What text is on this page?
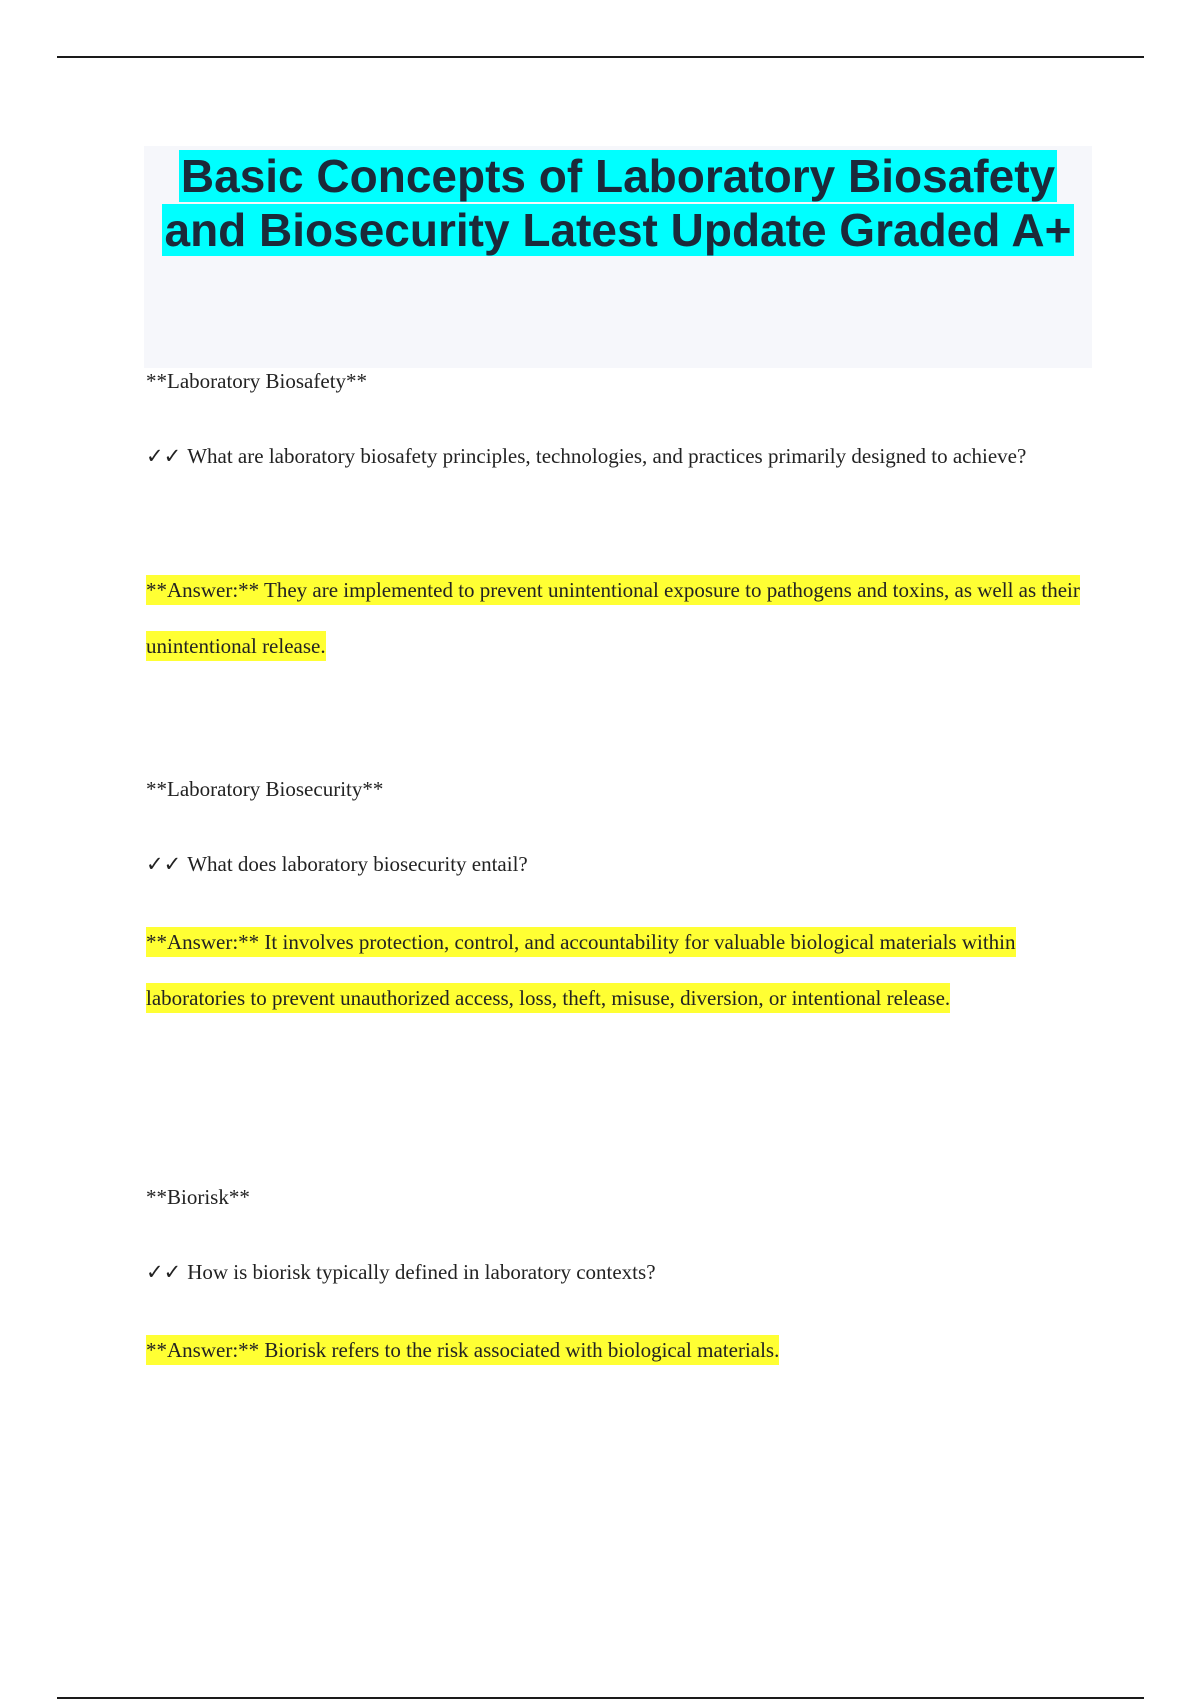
Basic Concepts of Laboratory Biosafety and Biosecurity Latest Update Graded A+
**Laboratory Biosafety**
✓✓ What are laboratory biosafety principles, technologies, and practices primarily designed to achieve?
**Answer:** They are implemented to prevent unintentional exposure to pathogens and toxins, as well as their unintentional release.
**Laboratory Biosecurity**
✓✓ What does laboratory biosecurity entail?
**Answer:** It involves protection, control, and accountability for valuable biological materials within laboratories to prevent unauthorized access, loss, theft, misuse, diversion, or intentional release.
**Biorisk**
✓✓ How is biorisk typically defined in laboratory contexts?
**Answer:** Biorisk refers to the risk associated with biological materials.
